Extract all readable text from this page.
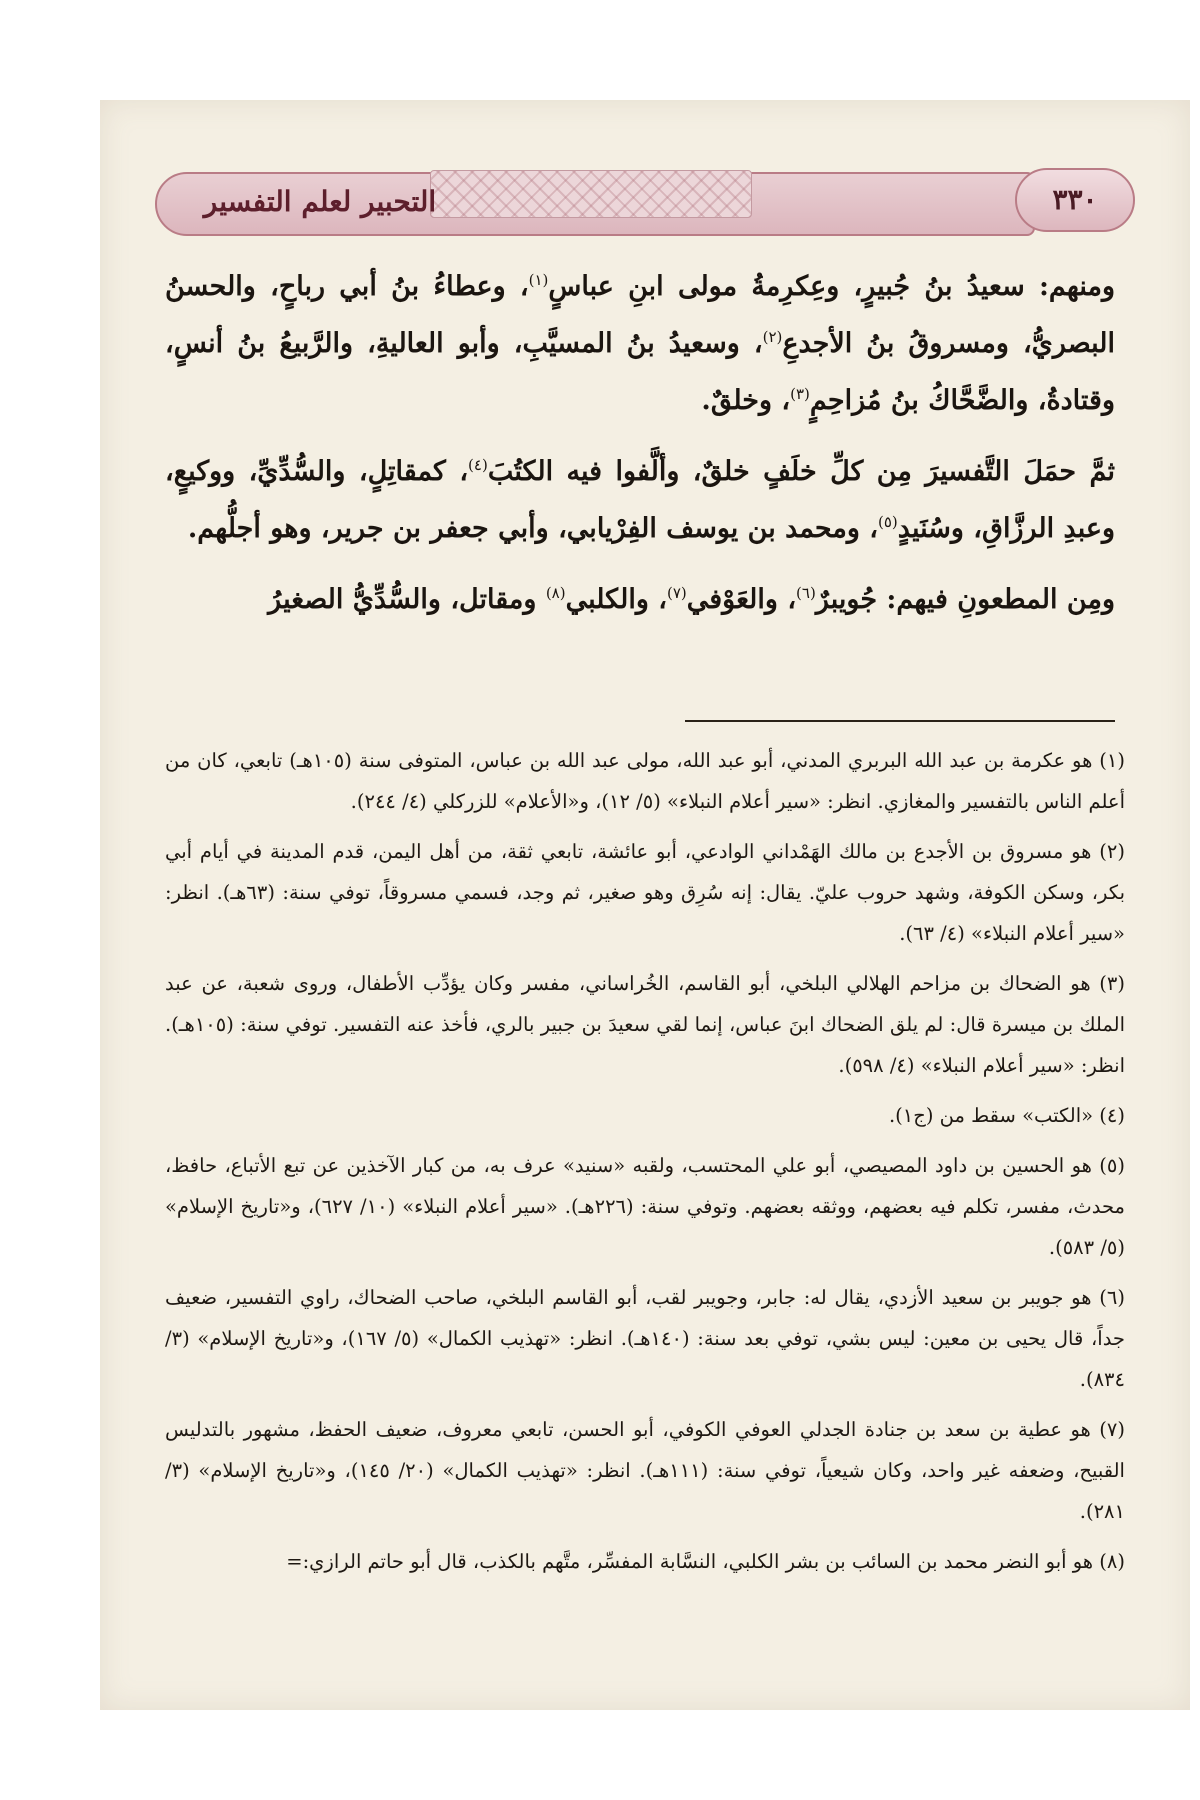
التحبير لعلم التفسير	٣٣٠

ومنهم: سعيدُ بنُ جُبيرٍ، وعِكرِمةُ مولى ابنِ عباسٍ$^{(١)}$، وعطاءُ بنُ أبي رباحٍ، والحسنُ البصريُّ، ومسروقُ بنُ الأجدعِ$^{(٢)}$، وسعيدُ بنُ المسيَّبِ، وأبو العاليةِ، والرَّبيعُ بنُ أنسٍ، وقتادةُ، والضَّحَّاكُ بنُ مُزاحِمٍ$^{(٣)}$، وخلقٌ.

ثمَّ حمَلَ التَّفسيرَ مِن كلِّ خلَفٍ خلقٌ، وألَّفوا فيه الكتُبَ$^{(٤)}$، كمقاتِلٍ، والسُّدِّيِّ، ووكيعٍ، وعبدِ الرزَّاقِ، وسُنَيدٍ$^{(٥)}$، ومحمد بن يوسف الفِرْيابي، وأبي جعفر بن جرير، وهو أجلُّهم.

ومِن المطعونِ فيهم: جُويبرٌ$^{(٦)}$، والعَوْفي$^{(٧)}$، والكلبي$^{(٨)}$ ومقاتل، والسُّدِّيُّ الصغيرُ

(١) هو عكرمة بن عبد الله البربري المدني، أبو عبد الله، مولى عبد الله بن عباس، المتوفى سنة (١٠٥هـ) تابعي، كان من أعلم الناس بالتفسير والمغازي. انظر: «سير أعلام النبلاء» (٥/ ١٢)، و«الأعلام» للزركلي (٤/ ٢٤٤).

(٢) هو مسروق بن الأجدع بن مالك الهَمْداني الوادعي، أبو عائشة، تابعي ثقة، من أهل اليمن، قدم المدينة في أيام أبي بكر، وسكن الكوفة، وشهد حروب عليّ. يقال: إنه سُرِق وهو صغير، ثم وجد، فسمي مسروقاً، توفي سنة: (٦٣هـ). انظر: «سير أعلام النبلاء» (٤/ ٦٣).

(٣) هو الضحاك بن مزاحم الهلالي البلخي، أبو القاسم، الخُراساني، مفسر وكان يؤدِّب الأطفال، وروى شعبة، عن عبد الملك بن ميسرة قال: لم يلق الضحاك ابنَ عباس، إنما لقي سعيدَ بن جبير بالري، فأخذ عنه التفسير. توفي سنة: (١٠٥هـ). انظر: «سير أعلام النبلاء» (٤/ ٥٩٨).

(٤) «الكتب» سقط من (ج١).

(٥) هو الحسين بن داود المصيصي، أبو علي المحتسب، ولقبه «سنيد» عرف به، من كبار الآخذين عن تبع الأتباع، حافظ، محدث، مفسر، تكلم فيه بعضهم، ووثقه بعضهم. وتوفي سنة: (٢٢٦هـ). «سير أعلام النبلاء» (١٠/ ٦٢٧)، و«تاريخ الإسلام» (٥/ ٥٨٣).

(٦) هو جويبر بن سعيد الأزدي، يقال له: جابر، وجويبر لقب، أبو القاسم البلخي، صاحب الضحاك، راوي التفسير، ضعيف جداً، قال يحيى بن معين: ليس بشي، توفي بعد سنة: (١٤٠هـ). انظر: «تهذيب الكمال» (٥/ ١٦٧)، و«تاريخ الإسلام» (٣/ ٨٣٤).

(٧) هو عطية بن سعد بن جنادة الجدلي العوفي الكوفي، أبو الحسن، تابعي معروف، ضعيف الحفظ، مشهور بالتدليس القبيح، وضعفه غير واحد، وكان شيعياً، توفي سنة: (١١١هـ). انظر: «تهذيب الكمال» (٢٠/ ١٤٥)، و«تاريخ الإسلام» (٣/ ٢٨١).

(٨) هو أبو النضر محمد بن السائب بن بشر الكلبي، النسَّابة المفسِّر، متَّهم بالكذب، قال أبو حاتم الرازي:=
